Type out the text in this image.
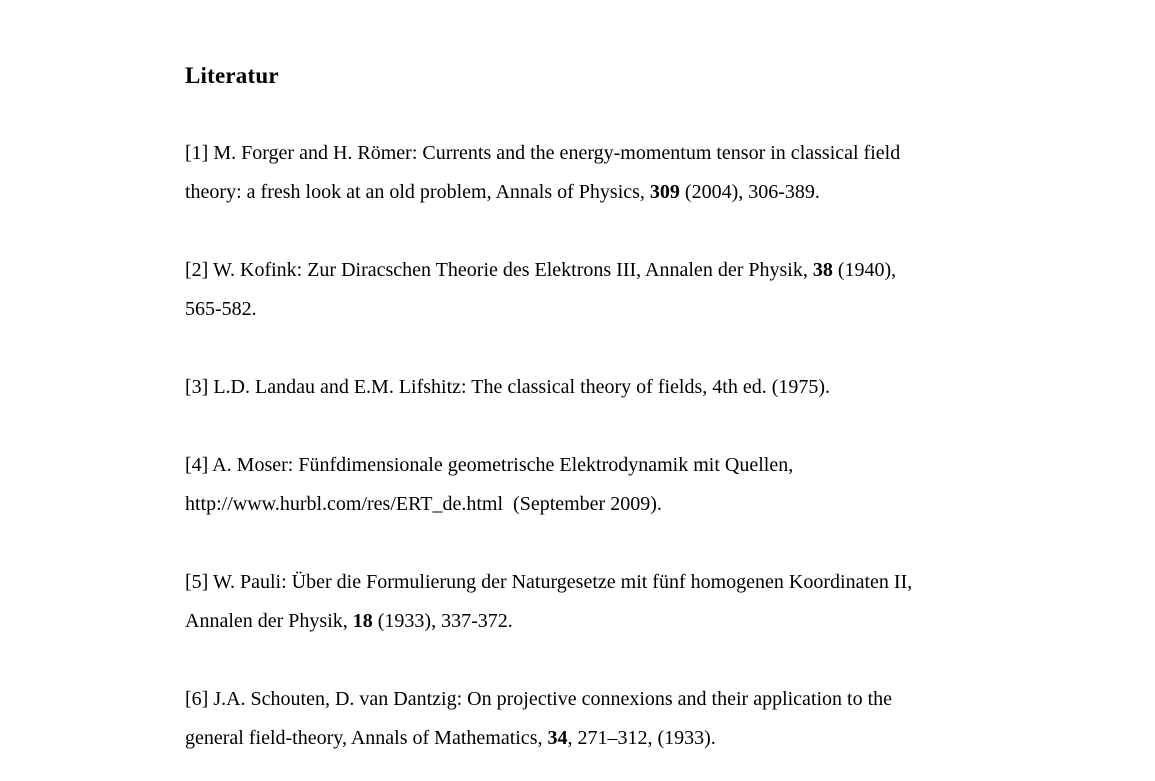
Literatur
[1] M. Forger and H. Römer: Currents and the energy-momentum tensor in classical field
theory: a fresh look at an old problem, Annals of Physics, 309 (2004), 306-389.
[2] W. Kofink: Zur Diracschen Theorie des Elektrons III, Annalen der Physik, 38 (1940),
565-582.
[3] L.D. Landau and E.M. Lifshitz: The classical theory of fields, 4th ed. (1975).
[4] A. Moser: Fünfdimensionale geometrische Elektrodynamik mit Quellen,
http://www.hurbl.com/res/ERT_de.html  (September 2009).
[5] W. Pauli: Über die Formulierung der Naturgesetze mit fünf homogenen Koordinaten II,
Annalen der Physik, 18 (1933), 337-372.
[6] J.A. Schouten, D. van Dantzig: On projective connexions and their application to the
general field-theory, Annals of Mathematics, 34, 271–312, (1933).
